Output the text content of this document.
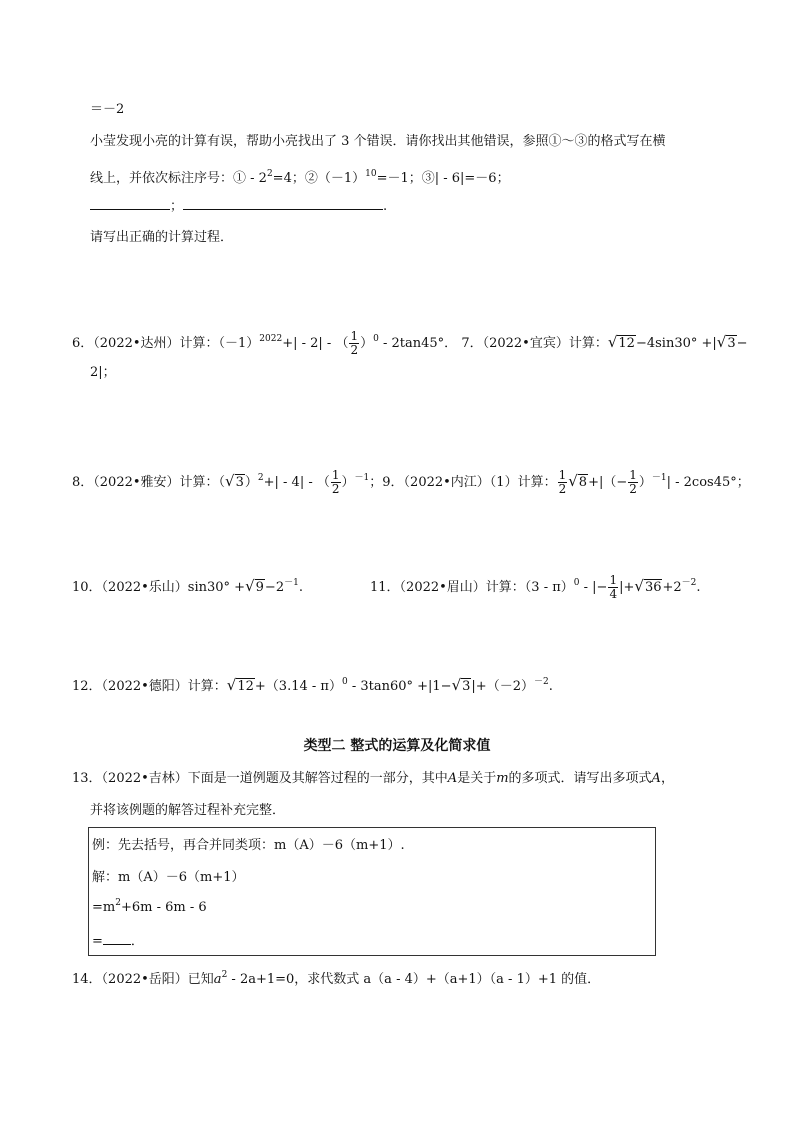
＝－2
小莹发现小亮的计算有误，帮助小亮找出了 3 个错误．请你找出其他错误，参照①～③的格式写在横
线上，并依次标注序号：① - $2^2=4$；$②(-1)^{10}=-1$；③| - 6|=－6；
；	.
请写出正确的计算过程．
6．（2022•达州）计算：$(-1)^{2022}+| - 2|$ - （ $\frac{1}{2} )^0 - 2\tan 45^\circ$． 7．（2022•宜宾）计算：√12−4sin30° +|√3−
2|；
8．（2022•雅安）计算：$(√3)^2+| - 4|$ - （ $\frac{1}{2} )^{-1}$；9．（2022•内江）（1）计算： $\frac{1}{2} √8+|(- \frac{1}{2} )^{-1}| - 2\cos 45^\circ$；
10．（2022•乐山）$\sin 30^\circ +√9-2^{-1}$.	11．（2022•眉山）计算：（3 - π）$^0$ - |− $\frac{1}{4} |+√36+2^{-2}$.
12．（2022•德阳）计算：$√12+(3.14 - \pi)^0 - 3\tan 60^\circ +|1-√3|+(-2)^{-2}$.
类型二 整式的运算及化简求值
13．（2022•吉林）下面是一道例题及其解答过程的一部分，其中A是关于m的多项式．请写出多项式A，
并将该例题的解答过程补充完整．
例：先去括号，再合并同类项：m（A）－6（m+1）.
解：m（A）－6（m+1）
$=m^2+6m - 6m - 6$
= ．
14．（2022•岳阳）已知$a^2 - 2a+1=0$，求代数式 a（a - 4）+（a+1）（a - 1）+1 的值．
